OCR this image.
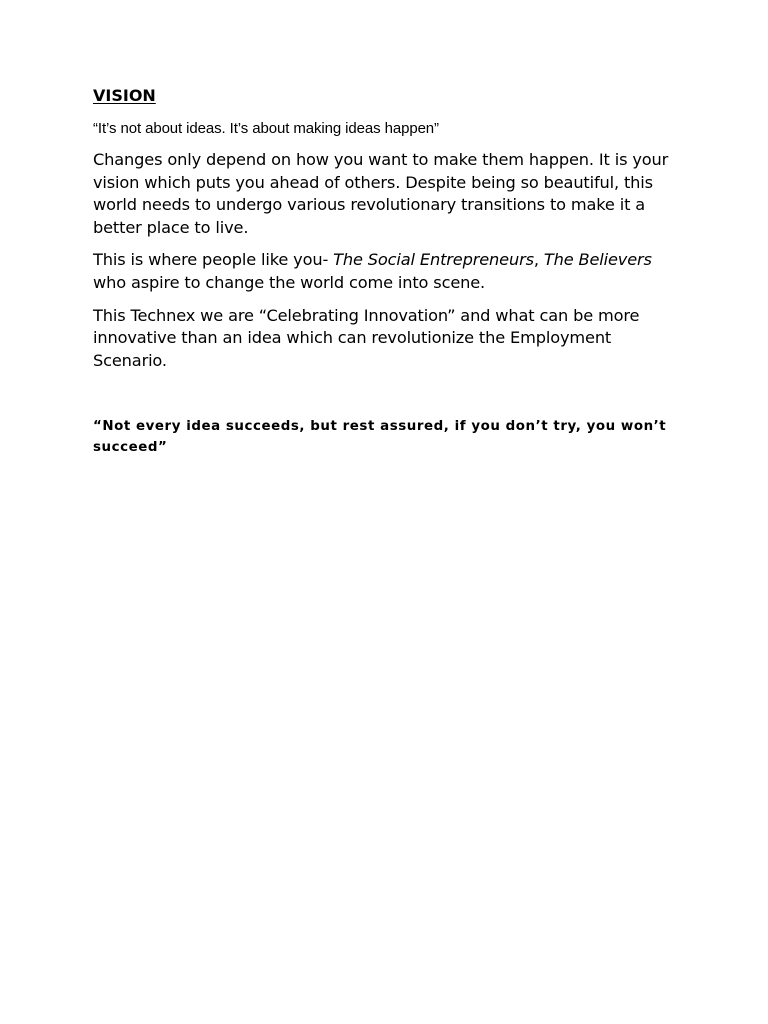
VISION
“It’s not about ideas. It’s about making ideas happen”

Changes only depend on how you want to make them happen. It is your vision which puts you ahead of others. Despite being so beautiful, this world needs to undergo various revolutionary transitions to make it a better place to live.

This is where people like you- The Social Entrepreneurs, The Believers who aspire to change the world come into scene.

This Technex we are “Celebrating Innovation” and what can be more innovative than an idea which can revolutionize the Employment Scenario.

“Not every idea succeeds, but rest assured, if you don’t try, you won’t succeed”
